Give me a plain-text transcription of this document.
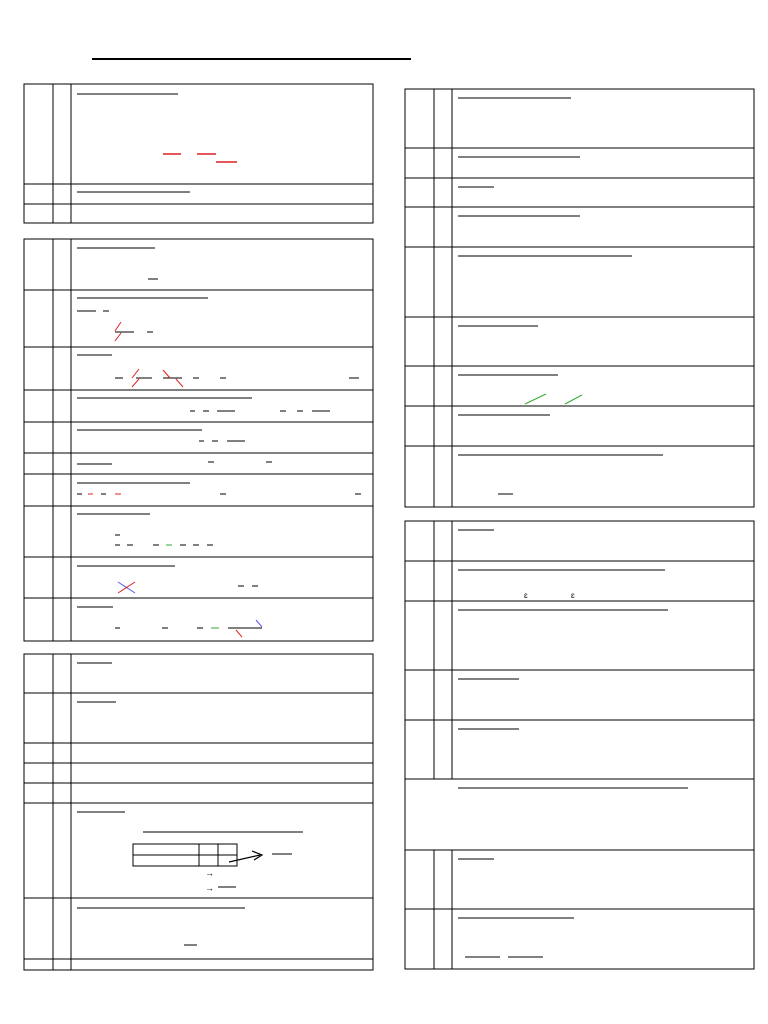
→
→
ɛ	ɛ
